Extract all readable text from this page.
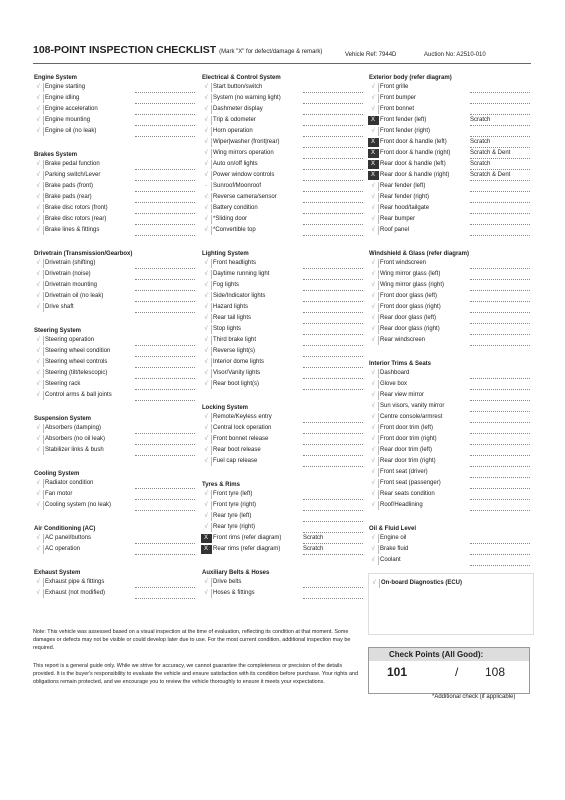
108-POINT INSPECTION CHECKLIST (Mark "X" for defect/damage & remark)	Vehicle Ref: 7944D	Auction No: A2510-010
Engine System
√ Engine starting
√ Engine idling
√ Engine acceleration
√ Engine mounting
√ Engine oil (no leak)
Brakes System
√ Brake pedal function
√ Parking switch/Lever
√ Brake pads (front)
√ Brake pads (rear)
√ Brake disc rotors (front)
√ Brake disc rotors (rear)
√ Brake lines & fittings
Drivetrain (Transmission/Gearbox)
√ Drivetrain (shifting)
√ Drivetrain (noise)
√ Drivetrain mounting
√ Drivetrain oil (no leak)
√ Drive shaft
Steering System
√ Steering operation
√ Steering wheel condition
√ Steering wheel controls
√ Steering (tilt/telescopic)
√ Steering rack
√ Control arms & ball joints
Suspension System
√ Absorbers (damping)
√ Absorbers (no oil leak)
√ Stabilizer links & bush
Cooling System
√ Radiator condition
√ Fan motor
√ Cooling system (no leak)
Air Conditioning (AC)
√ AC panel/buttons
√ AC operation
Exhaust System
√ Exhaust pipe & fittings
√ Exhaust (not modified)
Electrical & Control System
√ Start button/switch
√ System (no warning light)
√ Dashmeter display
√ Trip & odometer
√ Horn operation
√ Wiper|washer (front|rear)
√ Wing mirrors operation
√ Auto on/off lights
√ Power window controls
-	Sunroof/Moonroof
√ Reverse camera/sensor
√ Battery condition
√ *Sliding door
√ *Convertible top
Lighting System
√ Front headlights
√ Daytime running light
√ Fog lights
√ Side/Indicator lights
√ Hazard lights
√ Rear tail lights
√ Stop lights
√ Third brake light
√ Reverse light(s)
√ Interior dome lights
√ Visor/Vanity lights
√ Rear boot light(s)
Locking System
√ Remote/Keyless entry
√ Central lock operation
√ Front bonnet release
√ Rear boot release
√ Fuel cap release
Tyres & Rims
√ Front tyre (left)
√ Front tyre (right)
√ Rear tyre (left)
√ Rear tyre (right)
X Front rims (refer diagram)	Scratch
X Rear rims (refer diagram)	Scratch
Auxiliary Belts & Hoses
√ Drive belts
√ Hoses & fittings
Exterior body (refer diagram)
√ Front grille
√ Front bumper
√ Front bonnet
X Front fender (left)	Scratch
√ Front fender (right)
X Front door & handle (left)	Scratch
X Front door & handle (right)	Scratch & Dent
X Rear door & handle (left)	Scratch
X Rear door & handle (right)	Scratch & Dent
√ Rear fender (left)
√ Rear fender (right)
√ Rear hood/tailgate
√ Rear bumper
√ Roof panel
Windshield & Glass (refer diagram)
√ Front windscreen
√ Wing mirror glass (left)
√ Wing mirror glass (right)
√ Front door glass (left)
√ Front door glass (right)
√ Rear door glass (left)
√ Rear door glass (right)
√ Rear windscreen
Interior Trims & Seats
√ Dashboard
√ Glove box
√ Rear view mirror
√ Sun visors, vanity mirror
√ Centre console/armrest
√ Front door trim (left)
√ Front door trim (right)
√ Rear door trim (left)
√ Rear door trim (right)
√ Front seat (driver)
√ Front seat (passenger)
√ Rear seats condition
√ Roof/Headlining
Oil & Fluid Level
√ Engine oil
√ Brake fluid
√ Coolant
√ On-board Diagnostics (ECU)
Note: This vehicle was assessed based on a visual inspection at the time of evaluation, reflecting its condition at that moment. Some damages or defects may not be visible or could develop later due to use. For the most current condition, additional inspection may be required.
This report is a general guide only. While we strive for accuracy, we cannot guarantee the completeness or precision of the details provided. It is the buyer's responsibility to evaluate the vehicle and ensure satisfaction with its condition before purchase. Your rights and obligations remain protected, and we encourage you to review the vehicle thoroughly to ensure it meets your expectations.
Check Points (All Good):
101	/ 108
*Additional check (if applicable)
